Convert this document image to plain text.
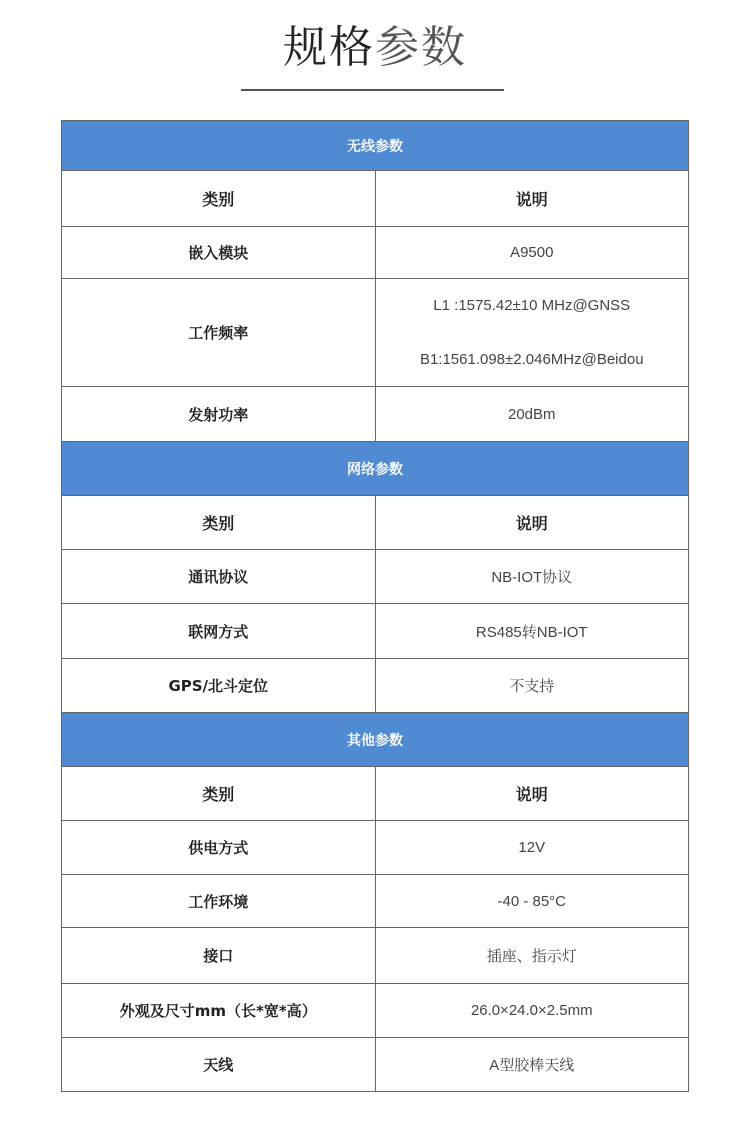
规格参数
无线参数	
类别	说明
嵌入模块	A9500
工作频率	L1 :1575.42±10 MHz@GNSS
B1:1561.098±2.046MHz@Beidou

发射功率	20dBm
网络参数	
类别	说明
通讯协议	NB-IOT协议
联网方式	RS485转NB-IOT
GPS/北斗定位	不支持
其他参数	
类别	说明
供电方式	12V
工作环境	-40 - 85°C
接口	插座、指示灯
外观及尺寸mm（长*宽*高）	26.0×24.0×2.5mm
天线	A型胶棒天线
